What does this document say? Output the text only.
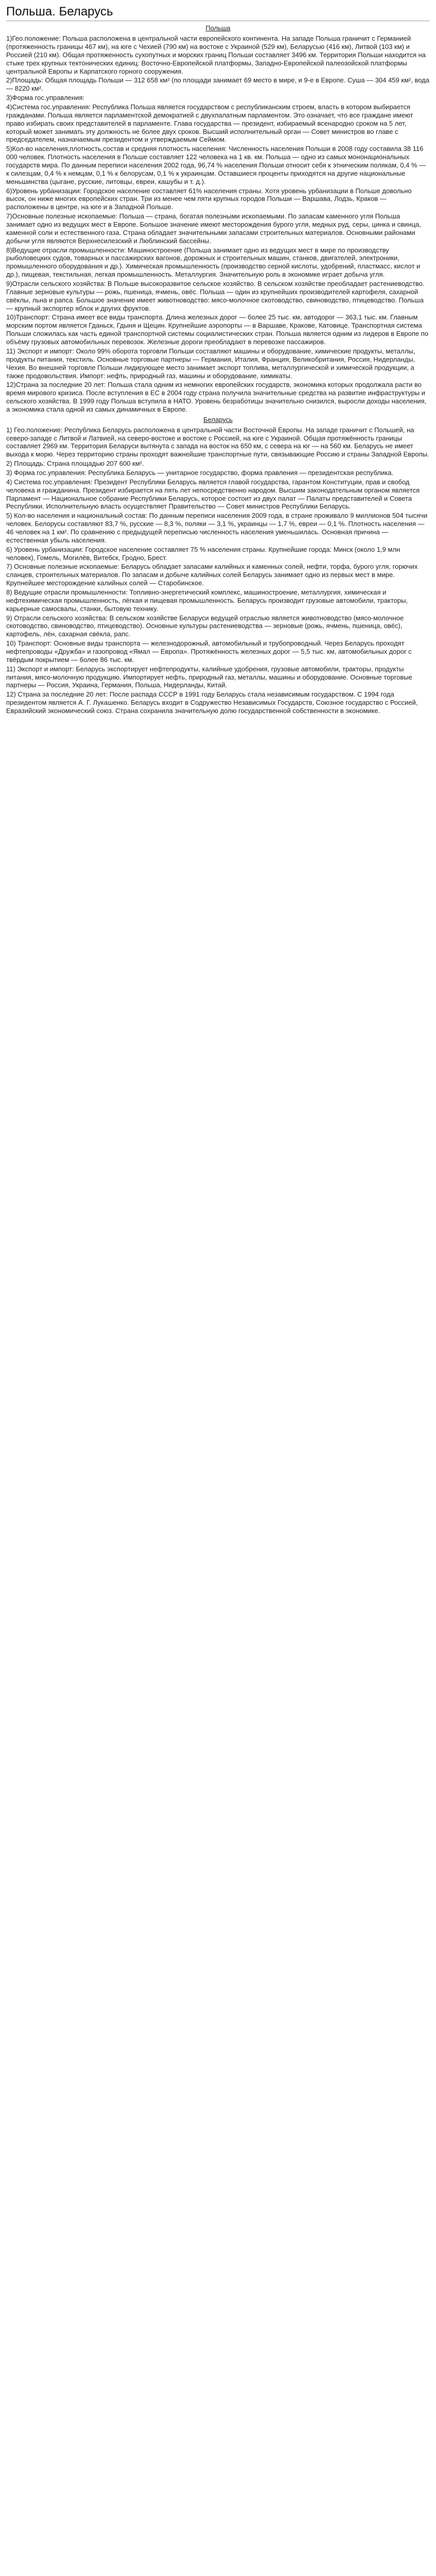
Польша. Беларусь
Польша

1)Гео.положение: Польша расположена в центральной части европейского континента. На западе Польша граничит с Германией (протяженность границы 467 км), на юге с Чехией (790 км) на востоке с Украиной (529 км), Беларусью (416 км), Литвой (103 км) и Россией (210 км). Общая протяженность сухопутных и морских границ Польши составляет 3496 км. Территория Польши находится на стыке трех крупных тектонических единиц: Восточно-Европейской платформы, Западно-Европейской палеозойской платформы центральной Европы и Карпатского горного сооружения.

2)Площадь: Общая площадь Польши — 312 658 км² (по площади занимает 69 место в мире, и 9-е в Европе. Суша — 304 459 км², вода — 8220 км².

3)Форма гос.управления:

4)Система гос.управления: Республика Польша является государством с республиканским строем, власть в котором выбирается гражданами. Польша является парламентской демократией с двухпалатным парламентом. Это означает, что все граждане имеют право избирать своих представителей в парламенте. Глава государства — президент, избираемый всенародно сроком на 5 лет, который может занимать эту должность не более двух сроков. Высший исполнительный орган — Совет министров во главе с председателем, назначаемым президентом и утверждаемым Сеймом.

5)Кол-во населения,плотность,состав и средняя плотность населения: Численность населения Польши в 2008 году составила 38 116 000 человек. Плотность населения в Польше составляет 122 человека на 1 кв. км. Польша — одно из самых мононациональных государств мира. По данным переписи населения 2002 года, 96,74 % населения Польши относит себя к этническим полякам, 0,4 % — к силезцам, 0,4 % к немцам, 0,1 % к белорусам, 0,1 % к украинцам. Оставшиеся проценты приходятся на другие национальные меньшинства (цыгане, русские, литовцы, евреи, кашубы и т. д.).

6)Уровень урбанизации: Городское население составляет 61% населения страны. Хотя уровень урбанизации в Польше довольно высок, он ниже многих европейских стран. Три из менее чем пяти крупных городов Польши — Варшава, Лодзь, Краков — расположены в центре, на юге и в Западной Польше.

7)Основные полезные ископаемые: Польша — страна, богатая полезными ископаемыми. По запасам каменного угля Польша занимает одно из ведущих мест в Европе. Большое значение имеют месторождения бурого угля, медных руд, серы, цинка и свинца, каменной соли и естественного газа. Страна обладает значительными запасами строительных материалов. Основными районами добычи угля являются Верхнесилезский и Люблинский бассейны.

8)Ведущие отрасли промышленности: Машиностроение (Польша занимает одно из ведущих мест в мире по производству рыболовецких судов, товарных и пассажирских вагонов, дорожных и строительных машин, станков, двигателей, электроники, промышленного оборудования и др.). Химическая промышленность (производство серной кислоты, удобрений, пластмасс, кислот и др.), пищевая, текстильная, легкая промышленность. Металлургия. Значительную роль в экономике играет добыча угля.

9)Отрасли сельского хозяйства: В Польше высокоразвитое сельское хозяйство. В сельском хозяйстве преобладает растениеводство. Главные зерновые культуры — рожь, пшеница, ячмень, овёс. Польша — один из крупнейших производителей картофеля, сахарной свёклы, льна и рапса. Большое значение имеет животноводство: мясо-молочное скотоводство, свиноводство, птицеводство. Польша — крупный экспортер яблок и других фруктов.

10)Транспорт: Страна имеет все виды транспорта. Длина железных дорог — более 25 тыс. км, автодорог — 363,1 тыс. км. Главным морским портом является Гданьск, Гдыня и Щецин. Крупнейшие аэропорты — в Варшаве, Кракове, Катовице. Транспортная система Польши сложилась как часть единой транспортной системы социалистических стран. Польша является одним из лидеров в Европе по объёму грузовых автомобильных перевозок. Железные дороги преобладают в перевозке пассажиров.

11) Экспорт и импорт: Около 99% оборота торговли Польши составляют машины и оборудование, химические продукты, металлы, продукты питания, текстиль. Основные торговые партнеры — Германия, Италия, Франция, Великобритания, Россия, Нидерланды, Чехия. Во внешней торговле Польши лидирующее место занимает экспорт топлива, металлургической и химической продукции, а также продовольствия. Импорт: нефть, природный газ, машины и оборудование, химикаты.

12)Страна за последние 20 лет: Польша стала одним из немногих европейских государств, экономика которых продолжала расти во время мирового кризиса. После вступления в ЕС в 2004 году страна получила значительные средства на развитие инфраструктуры и сельского хозяйства. В 1999 году Польша вступила в НАТО. Уровень безработицы значительно снизился, выросли доходы населения, а экономика стала одной из самых динамичных в Европе.

Беларусь

1) Гео.положение: Республика Беларусь расположена в центральной части Восточной Европы. На западе граничит с Польшей, на северо-западе с Литвой и Латвией, на северо-востоке и востоке с Россией, на юге с Украиной. Общая протяжённость границы составляет 2969 км. Территория Беларуси вытянута с запада на восток на 650 км, с севера на юг — на 560 км. Беларусь не имеет выхода к морю. Через территорию страны проходят важнейшие транспортные пути, связывающие Россию и страны Западной Европы.

2) Площадь: Страна площадью 207 600 км².

3) Форма гос.управления: Республика Беларусь — унитарное государство, форма правления — президентская республика.

4) Система гос.управления: Президент Республики Беларусь является главой государства, гарантом Конституции, прав и свобод человека и гражданина. Президент избирается на пять лет непосредственно народом. Высшим законодательным органом является Парламент — Национальное собрание Республики Беларусь, которое состоит из двух палат — Палаты представителей и Совета Республики. Исполнительную власть осуществляет Правительство — Совет министров Республики Беларусь.

5) Кол-во населения и национальный состав: По данным переписи населения 2009 года, в стране проживало 9 миллионов 504 тысячи человек. Белорусы составляют 83,7 %, русские — 8,3 %, поляки — 3,1 %, украинцы — 1,7 %, евреи — 0,1 %. Плотность населения — 46 человек на 1 км². По сравнению с предыдущей переписью численность населения уменьшилась. Основная причина — естественная убыль населения.

6) Уровень урбанизации: Городское население составляет 75 % населения страны. Крупнейшие города: Минск (около 1,9 млн человек), Гомель, Могилёв, Витебск, Гродно, Брест.

7) Основные полезные ископаемые: Беларусь обладает запасами калийных и каменных солей, нефти, торфа, бурого угля, горючих сланцев, строительных материалов. По запасам и добыче калийных солей Беларусь занимает одно из первых мест в мире. Крупнейшее месторождение калийных солей — Старобинское.

8) Ведущие отрасли промышленности: Топливно-энергетический комплекс, машиностроение, металлургия, химическая и нефтехимическая промышленность, лёгкая и пищевая промышленность. Беларусь производит грузовые автомобили, тракторы, карьерные самосвалы, станки, бытовую технику.

9) Отрасли сельского хозяйства: В сельском хозяйстве Беларуси ведущей отраслью является животноводство (мясо-молочное скотоводство, свиноводство, птицеводство). Основные культуры растениеводства — зерновые (рожь, ячмень, пшеница, овёс), картофель, лён, сахарная свёкла, рапс.

10) Транспорт: Основные виды транспорта — железнодорожный, автомобильный и трубопроводный. Через Беларусь проходят нефтепроводы «Дружба» и газопровод «Ямал — Европа». Протяжённость железных дорог — 5,5 тыс. км, автомобильных дорог с твёрдым покрытием — более 86 тыс. км.

11) Экспорт и импорт: Беларусь экспортирует нефтепродукты, калийные удобрения, грузовые автомобили, тракторы, продукты питания, мясо-молочную продукцию. Импортирует нефть, природный газ, металлы, машины и оборудование. Основные торговые партнеры — Россия, Украина, Германия, Польша, Нидерланды, Китай.

12) Страна за последние 20 лет: После распада СССР в 1991 году Беларусь стала независимым государством. С 1994 года президентом является А. Г. Лукашенко. Беларусь входит в Содружество Независимых Государств, Союзное государство с Россией, Евразийский экономический союз. Страна сохранила значительную долю государственной собственности в экономике.
